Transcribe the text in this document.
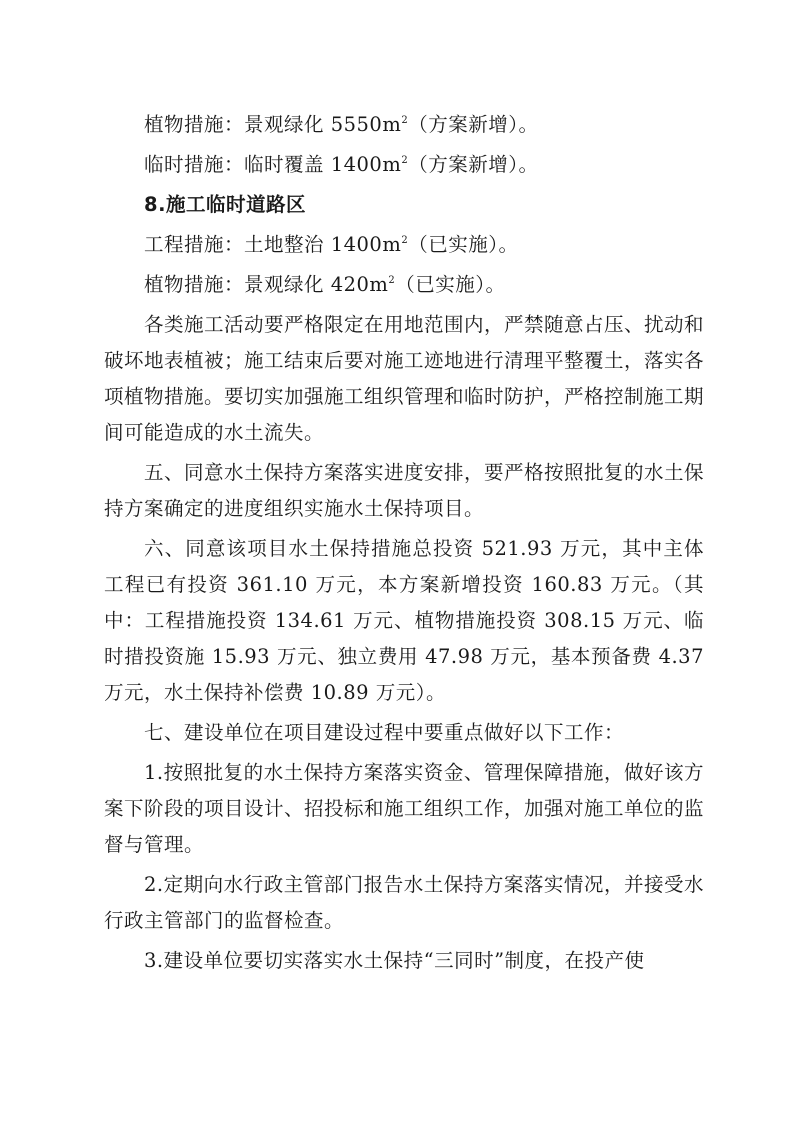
植物措施：景观绿化 $5550m^2$（方案新增）。

临时措施：临时覆盖 $1400m^2$（方案新增）。

8.施工临时道路区

工程措施：土地整治 $1400m^2$（已实施）。

植物措施：景观绿化 $420m^2$（已实施）。

各类施工活动要严格限定在用地范围内，严禁随意占压、扰动和破坏地表植被；施工结束后要对施工迹地进行清理平整覆土，落实各项植物措施。要切实加强施工组织管理和临时防护，严格控制施工期间可能造成的水土流失。

五、同意水土保持方案落实进度安排，要严格按照批复的水土保持方案确定的进度组织实施水土保持项目。

六、同意该项目水土保持措施总投资 521.93 万元，其中主体工程已有投资 361.10 万元，本方案新增投资 160.83 万元。（其中：工程措施投资 134.61 万元、植物措施投资 308.15 万元、临时措投资施 15.93 万元、独立费用 47.98 万元，基本预备费 4.37 万元，水土保持补偿费 10.89 万元）。

七、建设单位在项目建设过程中要重点做好以下工作：

1.按照批复的水土保持方案落实资金、管理保障措施，做好该方案下阶段的项目设计、招投标和施工组织工作，加强对施工单位的监督与管理。

2.定期向水行政主管部门报告水土保持方案落实情况，并接受水行政主管部门的监督检查。

3.建设单位要切实落实水土保持“三同时”制度，在投产使
